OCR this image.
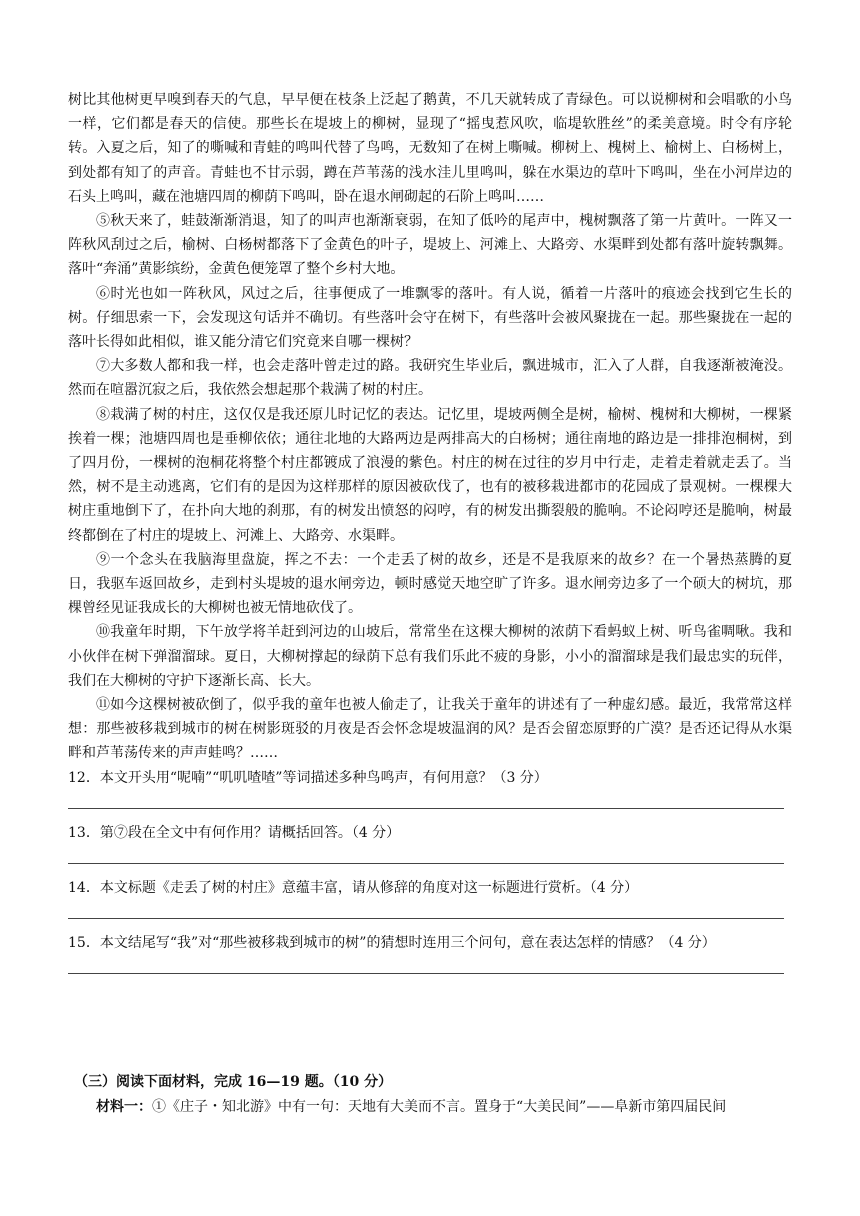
树比其他树更早嗅到春天的气息，早早便在枝条上泛起了鹅黄，不几天就转成了青绿色。可以说柳树和会唱歌的小鸟一样，它们都是春天的信使。那些长在堤坡上的柳树，显现了“摇曳惹风吹，临堤软胜丝”的柔美意境。时令有序轮转。入夏之后，知了的嘶喊和青蛙的鸣叫代替了鸟鸣，无数知了在树上嘶喊。柳树上、槐树上、榆树上、白杨树上，到处都有知了的声音。青蛙也不甘示弱，蹲在芦苇荡的浅水洼儿里鸣叫，躲在水渠边的草叶下鸣叫，坐在小河岸边的石头上鸣叫，藏在池塘四周的柳荫下鸣叫，卧在退水闸砌起的石阶上鸣叫……

⑤秋天来了，蛙鼓渐渐消退，知了的叫声也渐渐衰弱，在知了低吟的尾声中，槐树飘落了第一片黄叶。一阵又一阵秋风刮过之后，榆树、白杨树都落下了金黄色的叶子，堤坡上、河滩上、大路旁、水渠畔到处都有落叶旋转飘舞。落叶“奔涌”黄影缤纷，金黄色便笼罩了整个乡村大地。

⑥时光也如一阵秋风，风过之后，往事便成了一堆飘零的落叶。有人说，循着一片落叶的痕迹会找到它生长的树。仔细思索一下，会发现这句话并不确切。有些落叶会守在树下，有些落叶会被风聚拢在一起。那些聚拢在一起的落叶长得如此相似，谁又能分清它们究竟来自哪一棵树？

⑦大多数人都和我一样，也会走落叶曾走过的路。我研究生毕业后，飘进城市，汇入了人群，自我逐渐被淹没。然而在喧嚣沉寂之后，我依然会想起那个栽满了树的村庄。

⑧栽满了树的村庄，这仅仅是我还原儿时记忆的表达。记忆里，堤坡两侧全是树，榆树、槐树和大柳树，一棵紧挨着一棵；池塘四周也是垂柳依依；通往北地的大路两边是两排高大的白杨树；通往南地的路边是一排排泡桐树，到了四月份，一棵树的泡桐花将整个村庄都镀成了浪漫的紫色。村庄的树在过往的岁月中行走，走着走着就走丢了。当然，树不是主动逃离，它们有的是因为这样那样的原因被砍伐了，也有的被移栽进都市的花园成了景观树。一棵棵大树庄重地倒下了，在扑向大地的刹那，有的树发出愤怒的闷哼，有的树发出撕裂般的脆响。不论闷哼还是脆响，树最终都倒在了村庄的堤坡上、河滩上、大路旁、水渠畔。

⑨一个念头在我脑海里盘旋，挥之不去：一个走丢了树的故乡，还是不是我原来的故乡？在一个暑热蒸腾的夏日，我驱车返回故乡，走到村头堤坡的退水闸旁边，顿时感觉天地空旷了许多。退水闸旁边多了一个硕大的树坑，那棵曾经见证我成长的大柳树也被无情地砍伐了。

⑩我童年时期，下午放学将羊赶到河边的山坡后，常常坐在这棵大柳树的浓荫下看蚂蚁上树、听鸟雀啁啾。我和小伙伴在树下弹溜溜球。夏日，大柳树撑起的绿荫下总有我们乐此不疲的身影，小小的溜溜球是我们最忠实的玩伴，我们在大柳树的守护下逐渐长高、长大。

⑪如今这棵树被砍倒了，似乎我的童年也被人偷走了，让我关于童年的讲述有了一种虚幻感。最近，我常常这样想：那些被移栽到城市的树在树影斑驳的月夜是否会怀念堤坡温润的风？是否会留恋原野的广漠？是否还记得从水渠畔和芦苇荡传来的声声蛙鸣？……

12．本文开头用“呢喃”“叽叽喳喳”等词描述多种鸟鸣声，有何用意？（3 分）
13．第⑦段在全文中有何作用？请概括回答。（4 分）
14．本文标题《走丢了树的村庄》意蕴丰富，请从修辞的角度对这一标题进行赏析。（4 分）
15．本文结尾写“我”对“那些被移栽到城市的树”的猜想时连用三个问句，意在表达怎样的情感？（4 分）
（三）阅读下面材料，完成 16—19 题。（10 分）
材料一：①《庄子・知北游》中有一句：天地有大美而不言。置身于“大美民间”——阜新市第四届民间
